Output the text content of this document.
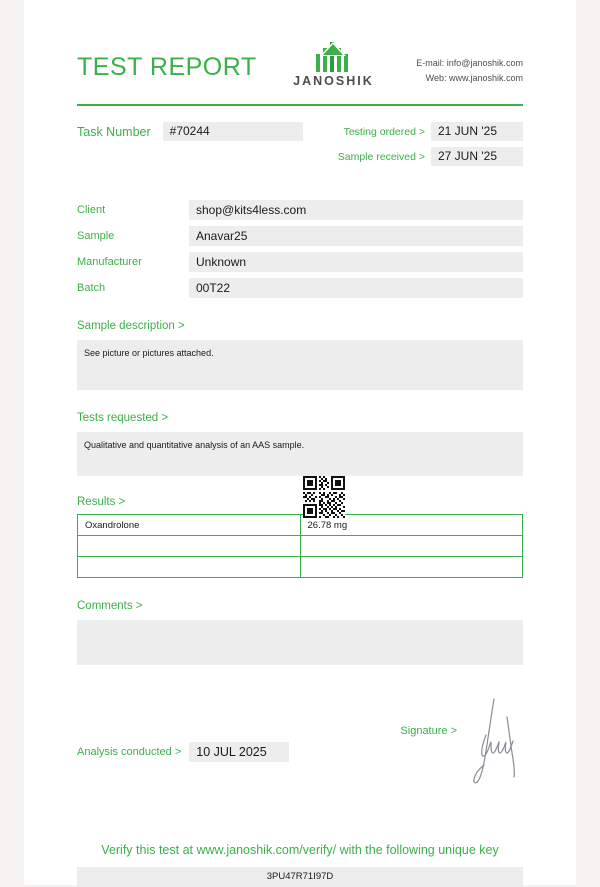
TEST REPORT	JANOSHIK
E-mail: info@janoshik.com
Web: www.janoshik.com
Task Number	#70244	Testing ordered >	21 JUN '25
Sample received >	27 JUN '25
Client	shop@kits4less.com
Sample	Anavar25
Manufacturer	Unknown
Batch	00T22
Sample description >
See picture or pictures attached.
Tests requested >
Qualitative and quantitative analysis of an AAS sample.
Results >
Oxandrolone	26.78 mg

Comments >
Analysis conducted >	10 JUL 2025
Signature >
Verify this test at www.janoshik.com/verify/ with the following unique key
3PU47R71I97D
